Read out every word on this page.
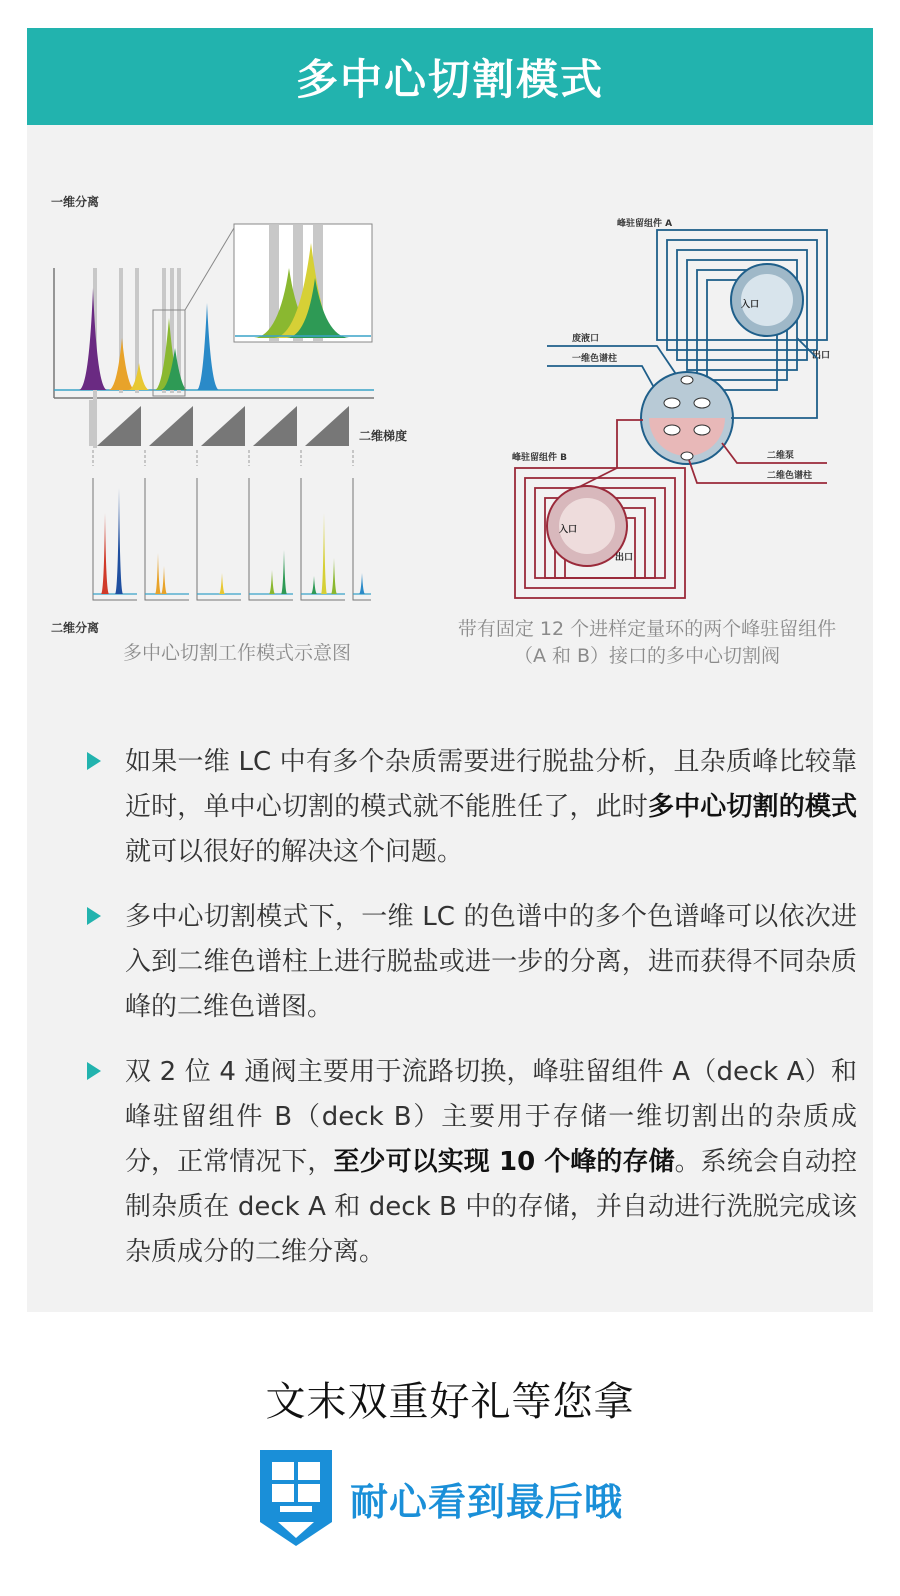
多中心切割模式
一维分离
二维梯度
二维分离
峰驻留组件 A
入口
出口
废液口
一维色谱柱
二维泵
二维色谱柱
峰驻留组件 B
入口
出口
多中心切割工作模式示意图
带有固定 12 个进样定量环的两个峰驻留组件
（A 和 B）接口的多中心切割阀

如果一维 LC 中有多个杂质需要进行脱盐分析，且杂质峰比较靠近时，单中心切割的模式就不能胜任了，此时多中心切割的模式就可以很好的解决这个问题。

多中心切割模式下，一维 LC 的色谱中的多个色谱峰可以依次进入到二维色谱柱上进行脱盐或进一步的分离，进而获得不同杂质峰的二维色谱图。

双 2 位 4 通阀主要用于流路切换，峰驻留组件 A（deck A）和峰驻留组件 B（deck B）主要用于存储一维切割出的杂质成分，正常情况下，至少可以实现 10 个峰的存储。系统会自动控制杂质在 deck A 和 deck B 中的存储，并自动进行洗脱完成该杂质成分的二维分离。

文末双重好礼等您拿
耐心看到最后哦
